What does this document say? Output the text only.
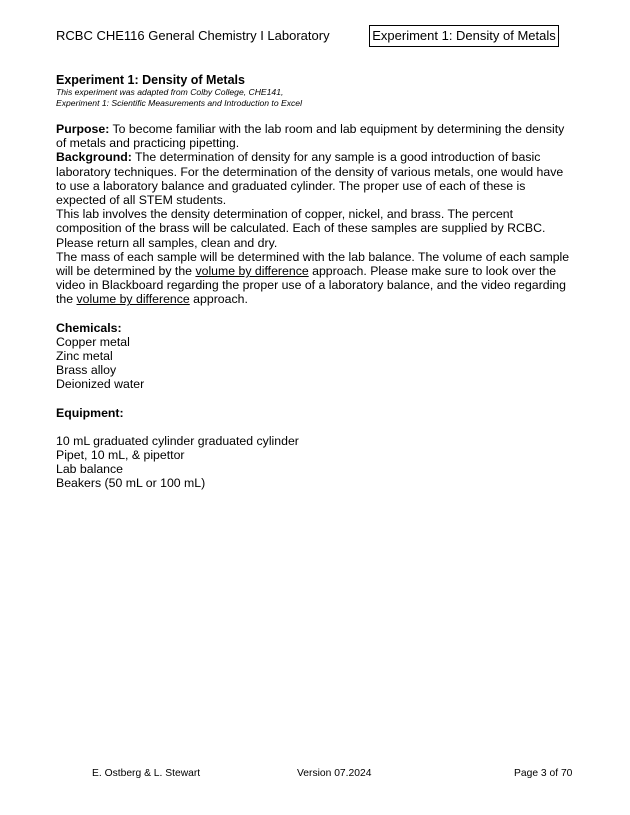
RCBC CHE116 General Chemistry I Laboratory	Experiment 1: Density of Metals

Experiment 1: Density of Metals

This experiment was adapted from Colby College, CHE141,

Experiment 1: Scientific Measurements and Introduction to Excel

Purpose: To become familiar with the lab room and lab equipment by determining the density of metals and practicing pipetting.

Background: The determination of density for any sample is a good introduction of basic laboratory techniques. For the determination of the density of various metals, one would have to use a laboratory balance and graduated cylinder. The proper use of each of these is expected of all STEM students.

This lab involves the density determination of copper, nickel, and brass. The percent composition of the brass will be calculated. Each of these samples are supplied by RCBC. Please return all samples, clean and dry.

The mass of each sample will be determined with the lab balance. The volume of each sample will be determined by the volume by difference approach. Please make sure to look over the video in Blackboard regarding the proper use of a laboratory balance, and the video regarding the volume by difference approach.

Chemicals:

Copper metal

Zinc metal

Brass alloy

Deionized water

Equipment:

10 mL graduated cylinder graduated cylinder

Pipet, 10 mL, & pipettor

Lab balance

Beakers (50 mL or 100 mL)

E. Ostberg & L. Stewart	Version 07.2024	Page 3 of 70
